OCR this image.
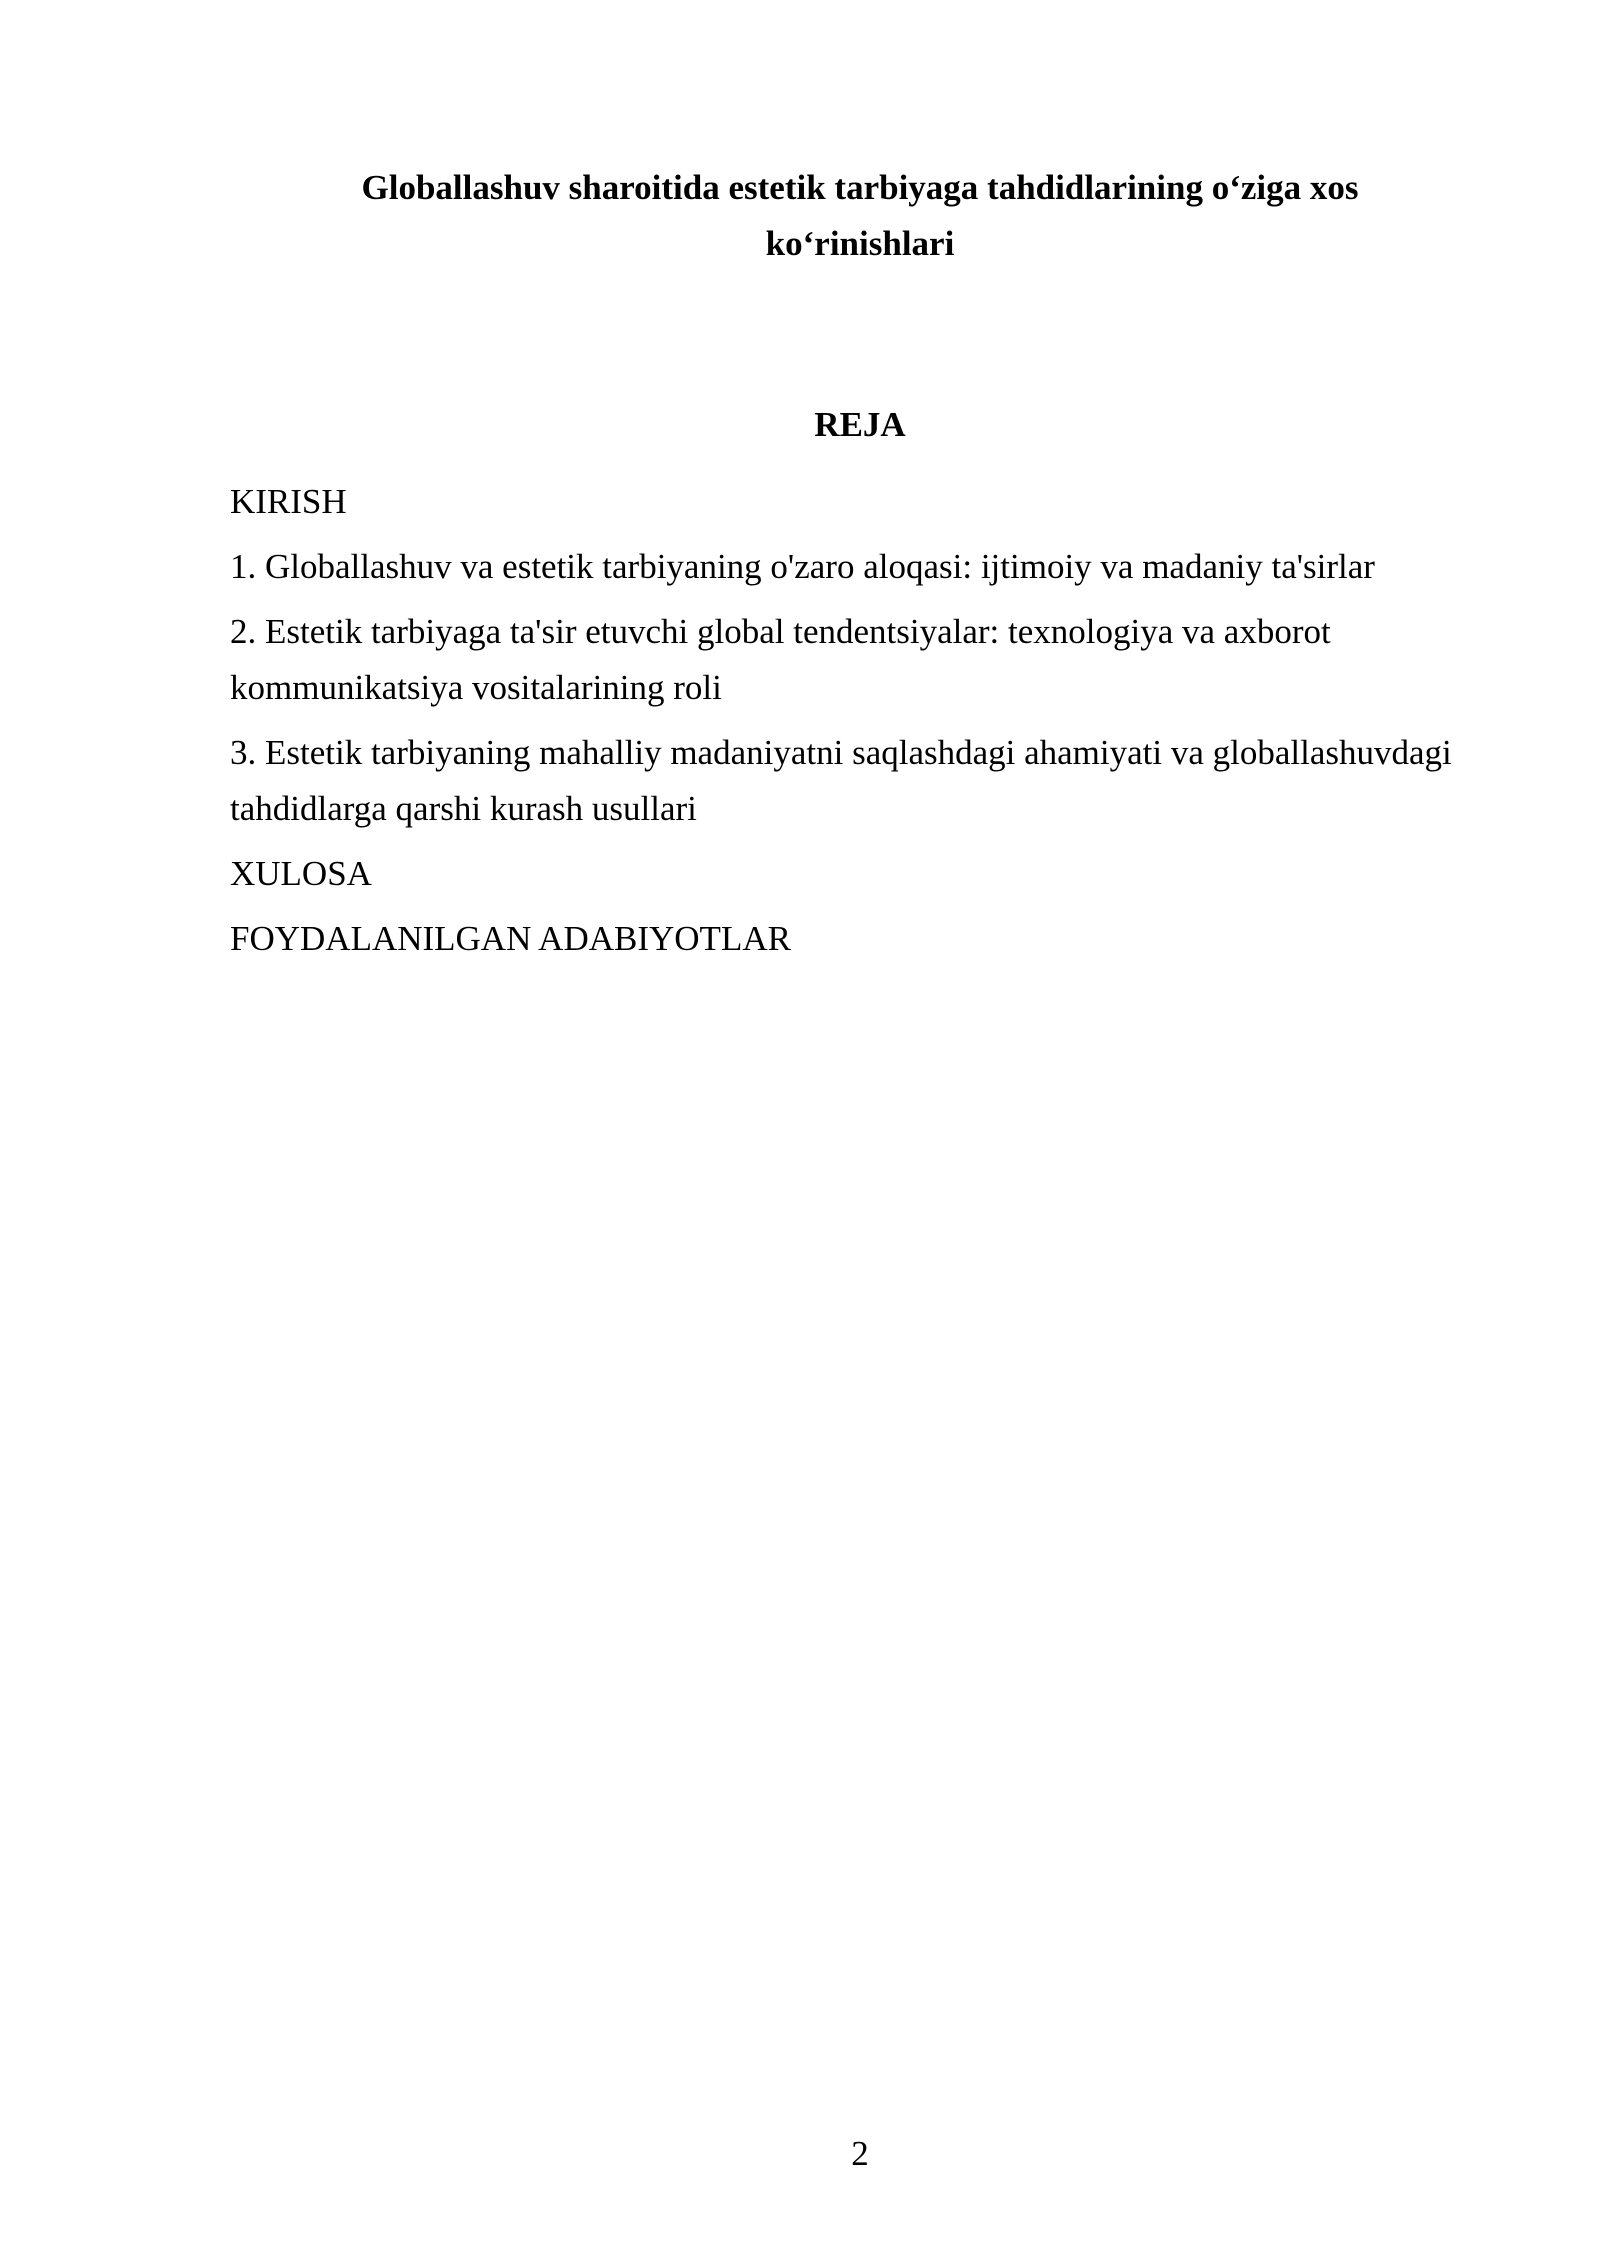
Globallashuv sharoitida estetik tarbiyaga tahdidlarining o‘ziga xos ko‘rinishlari
REJA
KIRISH
1. Globallashuv va estetik tarbiyaning o'zaro aloqasi: ijtimoiy va madaniy ta'sirlar
2. Estetik tarbiyaga ta'sir etuvchi global tendentsiyalar: texnologiya va axborot kommunikatsiya vositalarining roli
3. Estetik tarbiyaning mahalliy madaniyatni saqlashdagi ahamiyati va globallashuvdagi tahdidlarga qarshi kurash usullari
XULOSA
FOYDALANILGAN ADABIYOTLAR
2
